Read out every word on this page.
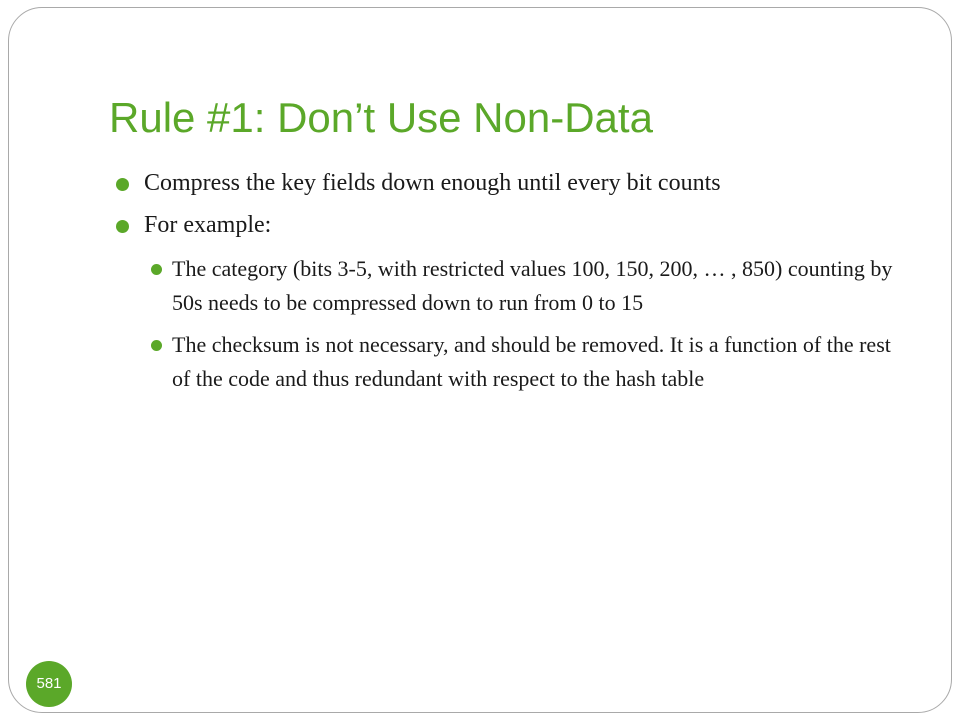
Rule #1: Don’t Use Non-Data
Compress the key fields down enough until every bit counts
For example:
The category (bits 3-5, with restricted values 100, 150, 200, … , 850) counting by 50s needs to be compressed down to run from 0 to 15
The checksum is not necessary, and should be removed. It is a function of the rest of the code and thus redundant with respect to the hash table
581
